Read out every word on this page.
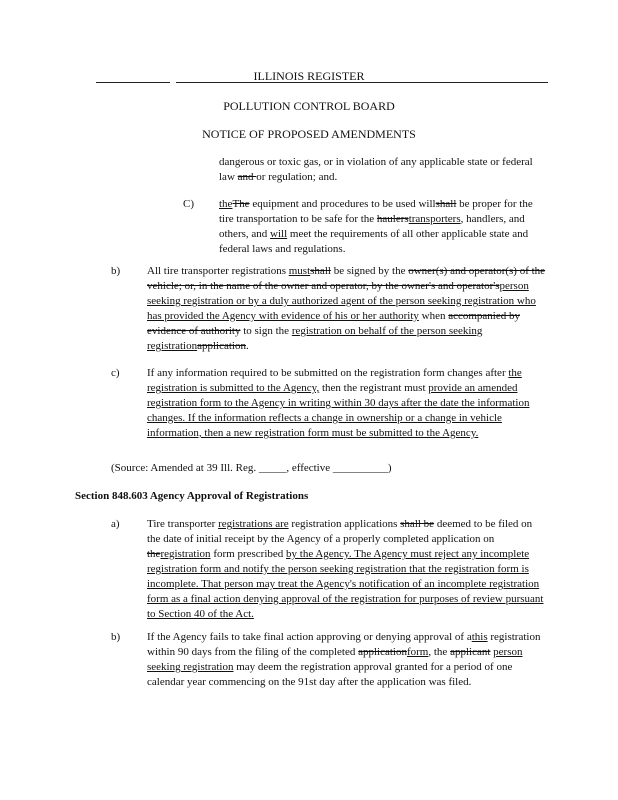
ILLINOIS REGISTER
POLLUTION CONTROL BOARD
NOTICE OF PROPOSED AMENDMENTS
dangerous or toxic gas, or in violation of any applicable state or federal law and or regulation; and.
C) theThe equipment and procedures to be used willshall be proper for the tire transportation to be safe for the haulerstransporters, handlers, and others, and will meet the requirements of all other applicable state and federal laws and regulations.
b) All tire transporter registrations mustshall be signed by the owner(s) and operator(s) of the vehicle; or, in the name of the owner and operator, by the owner's and operator'sperson seeking registration or by a duly authorized agent of the person seeking registration who has provided the Agency with evidence of his or her authority when accompanied by evidence of authority to sign the registration on behalf of the person seeking registrationapplication.
c) If any information required to be submitted on the registration form changes after the registration is submitted to the Agency, then the registrant must provide an amended registration form to the Agency in writing within 30 days after the date the information changes. If the information reflects a change in ownership or a change in vehicle information, then a new registration form must be submitted to the Agency.
(Source: Amended at 39 Ill. Reg. _____, effective __________)
Section 848.603 Agency Approval of Registrations
a) Tire transporter registrations are registration applications shall be deemed to be filed on the date of initial receipt by the Agency of a properly completed application on theregistration form prescribed by the Agency. The Agency must reject any incomplete registration form and notify the person seeking registration that the registration form is incomplete. That person may treat the Agency's notification of an incomplete registration form as a final action denying approval of the registration for purposes of review pursuant to Section 40 of the Act.
b) If the Agency fails to take final action approving or denying approval of athis registration within 90 days from the filing of the completed applicationform, the applicant person seeking registration may deem the registration approval granted for a period of one calendar year commencing on the 91st day after the application was filed.
